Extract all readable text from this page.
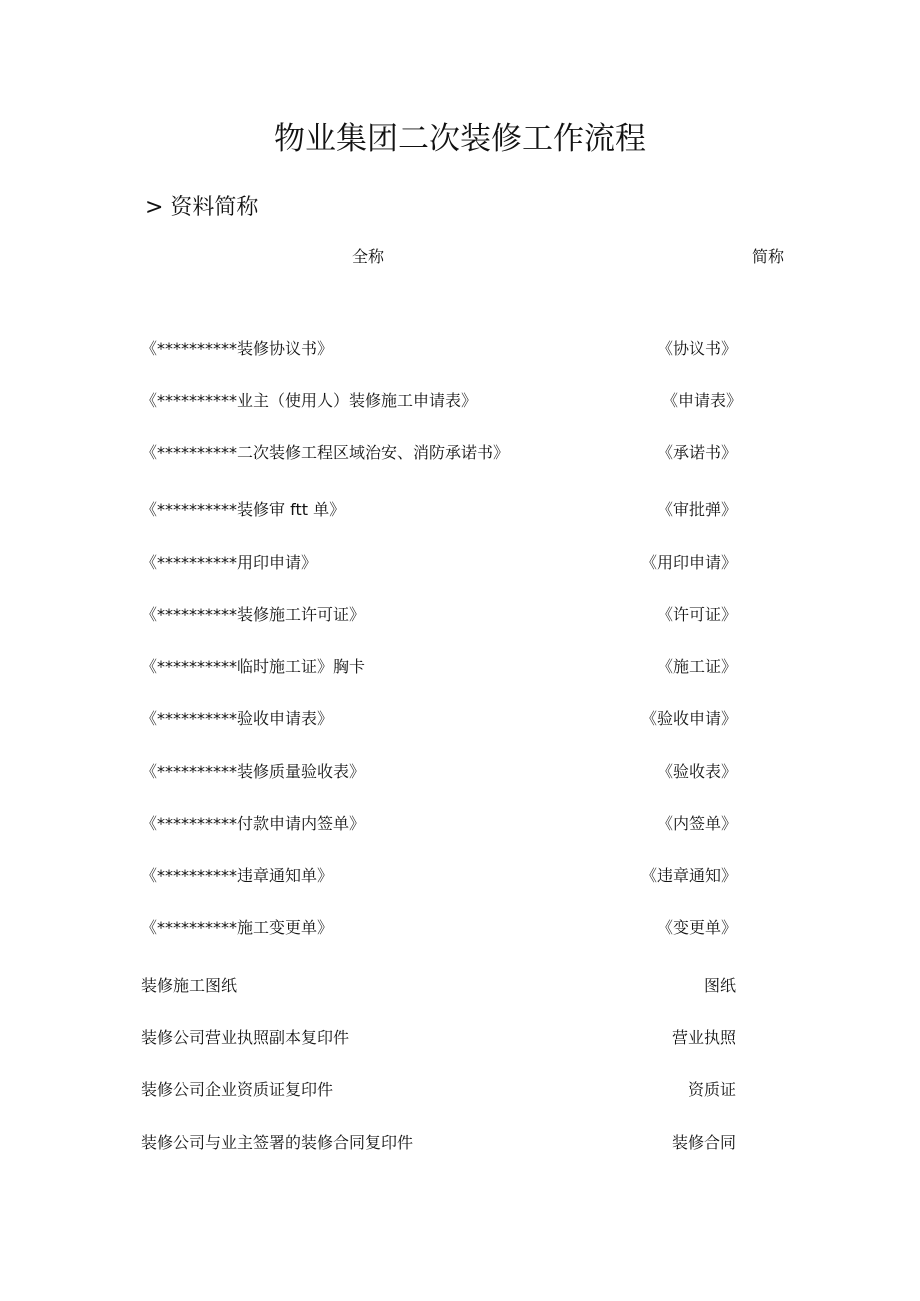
物业集团二次装修工作流程
> 资料简称
全称	简称
《**********装修协议书》	《协议书》
《**********业主（使用人）装修施工申请表》	《申请表》
《**********二次装修工程区域治安、消防承诺书》	《承诺书》
《**********装修审 ftt 单》	《审批弹》
《**********用印申请》	《用印申请》
《**********装修施工许可证》	《许可证》
《**********临时施工证》胸卡	《施工证》
《**********验收申请表》	《验收申请》
《**********装修质量验收表》	《验收表》
《**********付款申请内签单》	《内签单》
《**********违章通知单》	《违章通知》
《**********施工变更单》	《变更单》
装修施工图纸	图纸
装修公司营业执照副本复印件	营业执照
装修公司企业资质证复印件	资质证
装修公司与业主签署的装修合同复印件	装修合同
